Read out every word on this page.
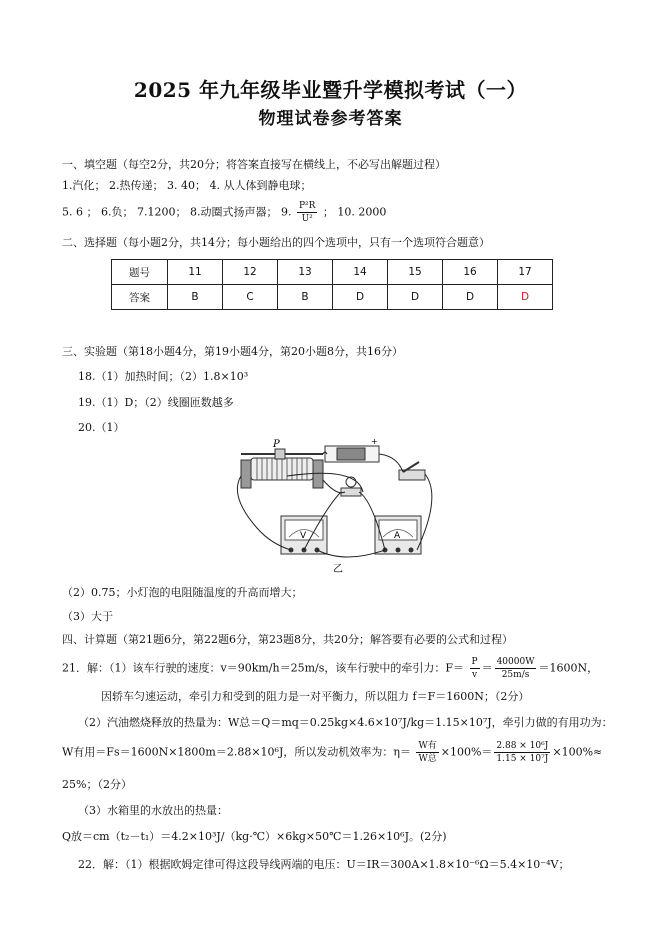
2025 年九年级毕业暨升学模拟考试（一）
物理试卷参考答案
一、填空题（每空2分，共20分；将答案直接写在横线上，不必写出解题过程）
1.汽化； 2.热传递； 3. 40； 4. 从人体到静电球；
5. 6 ； 6.负； 7.1200； 8.动圈式扬声器； 9. $\frac{\text{P²R}}{\text{U²}}$ ； 10. 2000
二、选择题（每小题2分，共14分；每小题给出的四个选项中，只有一个选项符合题意）
题号	11	12	13	14	15	16	17
答案	B	C	B	D	D	D	D
三、实验题（第18小题4分，第19小题4分，第20小题8分，共16分）
18.（1）加热时间；（2）1.8×10³
19.（1）D；（2）线圈匝数越多
20.（1）
P	+
V	A
乙
（2）0.75；小灯泡的电阻随温度的升高而增大；
（3）大于
四、计算题（第21题6分，第22题6分，第23题8分，共20分；解答要有必要的公式和过程）
21．解：（1）该车行驶的速度：v＝90km/h＝25m/s，该车行驶中的牵引力：$F= \frac{P}{v} = \frac{40000W}{25m/s} =1600N$，
因轿车匀速运动，牵引力和受到的阻力是一对平衡力，所以阻力 f＝F＝1600N；（2分）
（2）汽油燃烧释放的热量为：W总＝Q＝mq＝0.25kg×4.6×10⁷J/kg＝1.15×10⁷J，牵引力做的有用功为：
W有用＝Fs＝1600N×1800m＝2.88×10⁶J，所以发动机效率为：$\eta= \frac{\text{W有}}{\text{W总}} \times 100\%= \frac{\text{2.88 × 10⁶J}}{\text{1.15 × 10⁷J}} \times 100\%\approx$
25%；（2分）
（3）水箱里的水放出的热量：
Q放＝cm（t₂－t₁）＝4.2×10³J/（kg·℃）×6kg×50℃＝1.26×10⁶J。(2分)
22．解：（1）根据欧姆定律可得这段导线两端的电压：U＝IR＝300A×1.8×10⁻⁶Ω＝5.4×10⁻⁴V；
